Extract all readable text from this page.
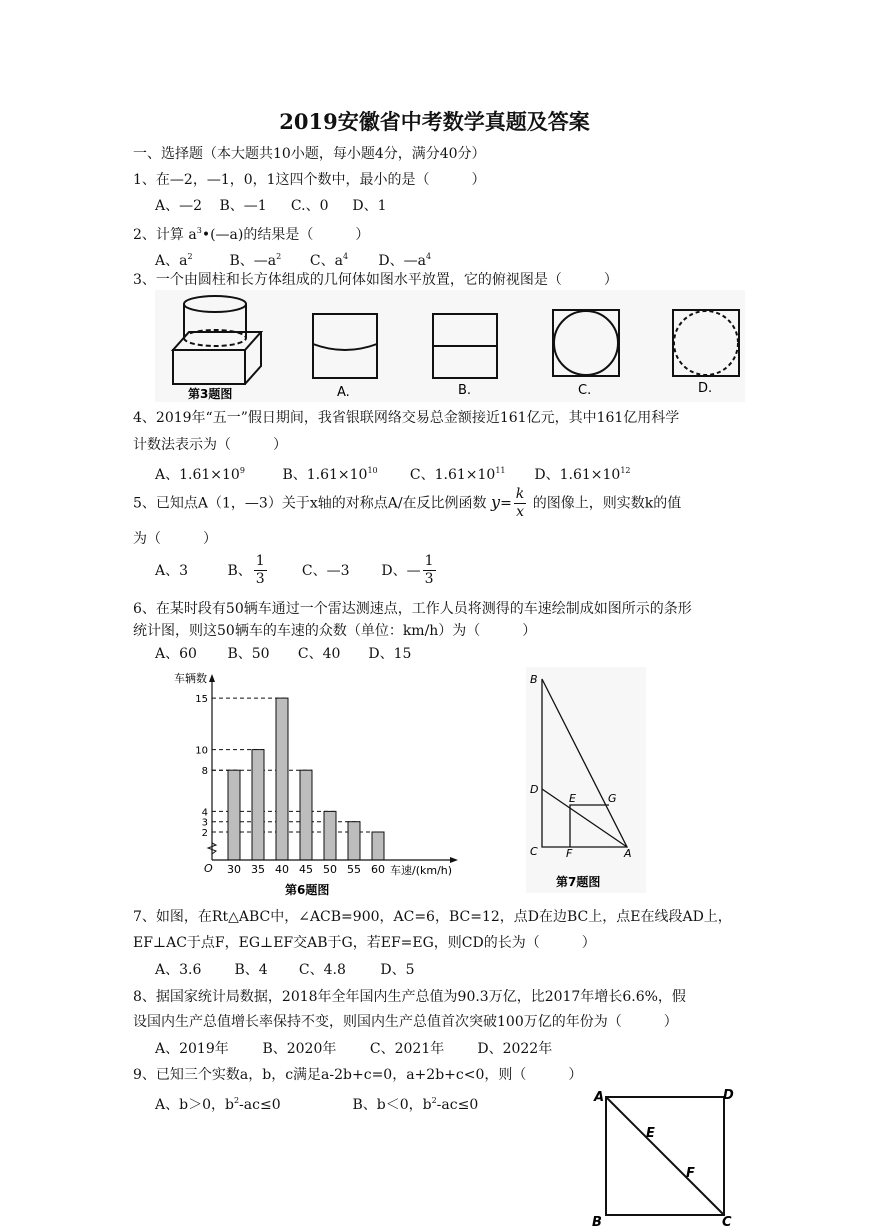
2019安徽省中考数学真题及答案
一、选择题（本大题共10小题，每小题4分，满分40分）
1、在—2，—1，0，1这四个数中，最小的是（　　　）
A、—2 B、—1 C.、0 D、1
2、计算 $a^3•(—a)$的结果是（　　　）
A、$a^2$	B、$—a^2$ C、$a^4$ D、$—a^4$
3、一个由圆柱和长方体组成的几何体如图水平放置，它的俯视图是（　　　）
第3题图	A.	B.	C.	D.
4、2019年“五一”假日期间，我省银联网络交易总金额接近161亿元，其中161亿用科学
计数法表示为（　　　）
A、$1.61\times 10^9$	B、$1.61\times 10^{10}$ C、$1.61\times 10^{11}$ D、$1.61\times 10^{12}$
5、已知点A（1，—3）关于x轴的对称点A/在反比例函数 $y= \frac{k}{x}$ 的图像上，则实数k的值
为（　　　）
A、3	B、 $\frac{1}{3}$	C、—3 D、— $\frac{1}{3}$
6、在某时段有50辆车通过一个雷达测速点，工作人员将测得的车速绘制成如图所示的条形
统计图，则这50辆车的车速的众数（单位：km/h）为（　　　）
A、60 B、50 C、40 D、15
2
3
4
8
10
15
30 35 40 45 50 55 60
车辆数
车速/(km/h)
O
第6题图
B
D
E	G
C	F	A
第7题图
7、如图，在Rt△ABC中，∠ACB=900，AC=6，BC=12，点D在边BC上，点E在线段AD上，
EF⊥AC于点F，EG⊥EF交AB于G，若EF=EG，则CD的长为（　　　）
A、3.6 B、4 C、4.8 D、5
8、据国家统计局数据，2018年全年国内生产总值为90.3万亿，比2017年增长6.6%，假
设国内生产总值增长率保持不变，则国内生产总值首次突破100万亿的年份为（　　　）
A、2019年 B、2020年 C、2021年 D、2022年
9、已知三个实数a，b，c满足a-2b+c=0，a+2b+c<0，则（　　　）
A、b＞0，$b^2-ac\le 0$	B、b＜0，$b^2-ac\le 0$	A	D
E
F
B	C
